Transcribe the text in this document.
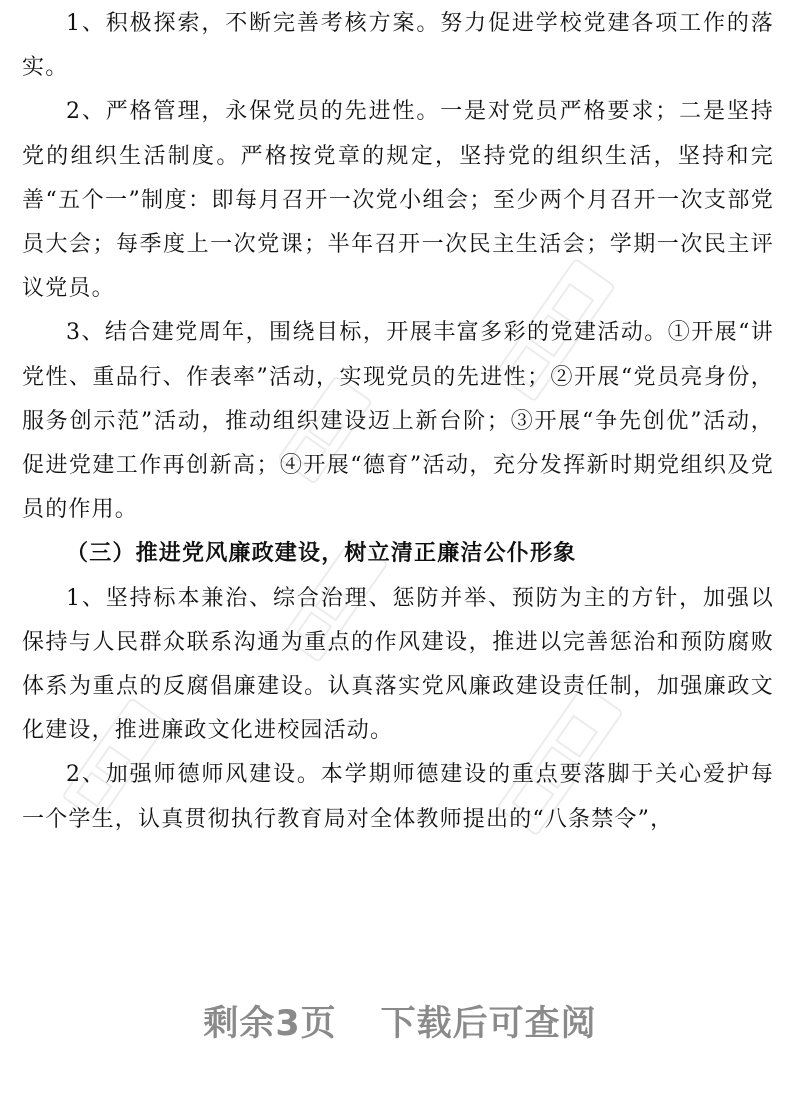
1、积极探索，不断完善考核方案。努力促进学校党建各项工作的落实。

2、严格管理，永保党员的先进性。一是对党员严格要求；二是坚持党的组织生活制度。严格按党章的规定，坚持党的组织生活，坚持和完善“五个一”制度：即每月召开一次党小组会；至少两个月召开一次支部党员大会；每季度上一次党课；半年召开一次民主生活会；学期一次民主评议党员。

3、结合建党周年，围绕目标，开展丰富多彩的党建活动。①开展“讲党性、重品行、作表率”活动，实现党员的先进性；②开展“党员亮身份，服务创示范”活动，推动组织建设迈上新台阶；③开展“争先创优”活动，促进党建工作再创新高；④开展“德育”活动，充分发挥新时期党组织及党员的作用。

（三）推进党风廉政建设，树立清正廉洁公仆形象

1、坚持标本兼治、综合治理、惩防并举、预防为主的方针，加强以保持与人民群众联系沟通为重点的作风建设，推进以完善惩治和预防腐败体系为重点的反腐倡廉建设。认真落实党风廉政建设责任制，加强廉政文化建设，推进廉政文化进校园活动。

2、加强师德师风建设。本学期师德建设的重点要落脚于关心爱护每一个学生，认真贯彻执行教育局对全体教师提出的“八条禁令”，

剩余3页 下载后可查阅
